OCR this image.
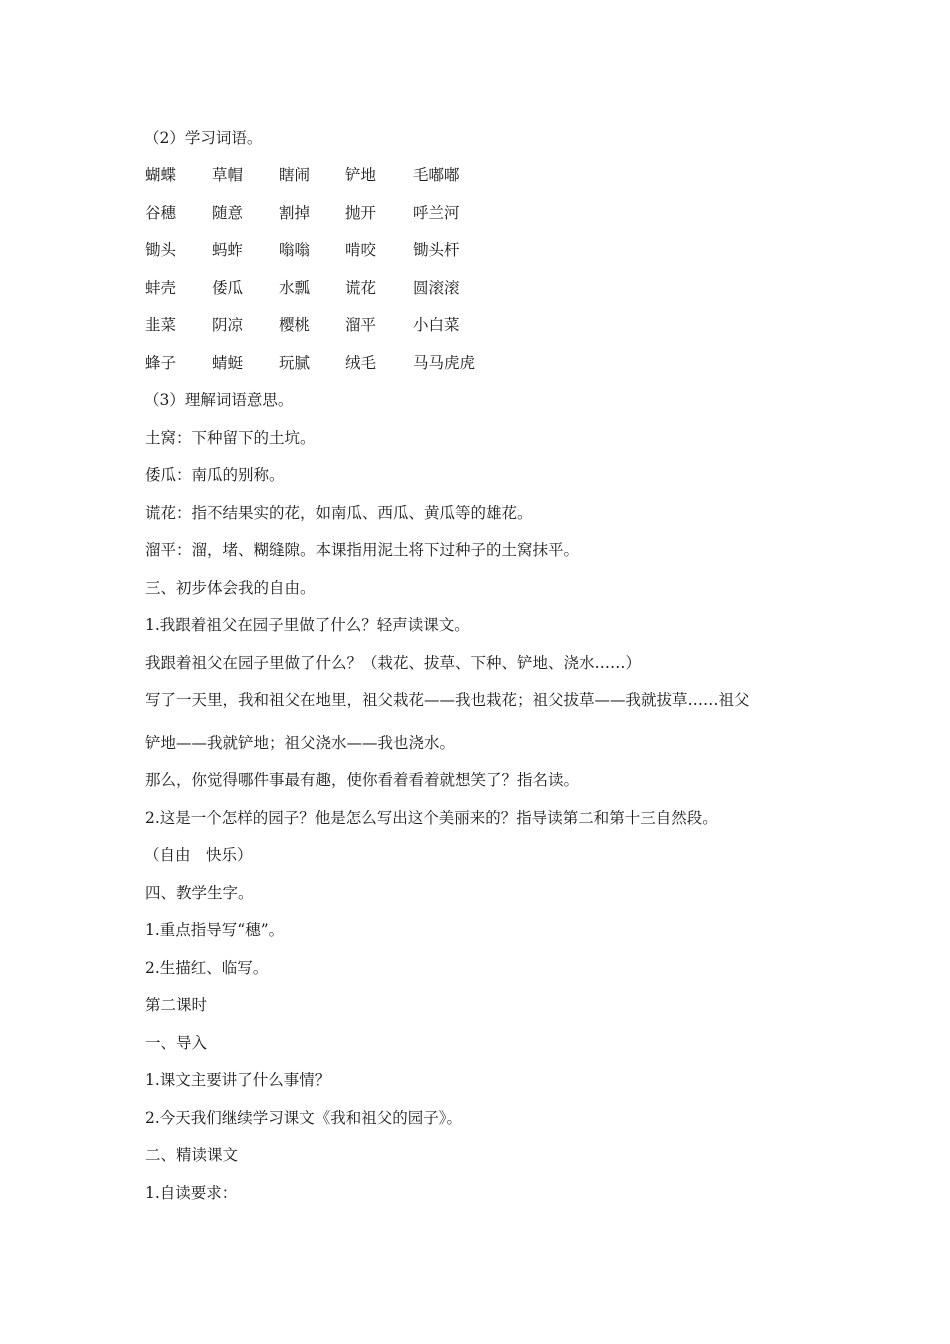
（2）学习词语。
蝴蝶 草帽 瞎闹 铲地 毛嘟嘟
谷穗 随意 割掉 抛开 呼兰河
锄头 蚂蚱 嗡嗡 啃咬 锄头杆
蚌壳 倭瓜 水瓢 谎花 圆滚滚
韭菜 阴凉 樱桃 溜平 小白菜
蜂子 蜻蜓 玩腻 绒毛 马马虎虎
（3）理解词语意思。
土窝：下种留下的土坑。
倭瓜：南瓜的别称。
谎花：指不结果实的花，如南瓜、西瓜、黄瓜等的雄花。
溜平：溜，堵、糊缝隙。本课指用泥土将下过种子的土窝抹平。
三、初步体会我的自由。
1.我跟着祖父在园子里做了什么？轻声读课文。
我跟着祖父在园子里做了什么？（栽花、拔草、下种、铲地、浇水……）
写了一天里，我和祖父在地里，祖父栽花——我也栽花；祖父拔草——我就拔草……祖父
铲地——我就铲地；祖父浇水——我也浇水。
那么，你觉得哪件事最有趣，使你看着看着就想笑了？指名读。
2.这是一个怎样的园子？他是怎么写出这个美丽来的？指导读第二和第十三自然段。
（自由　快乐）
四、教学生字。
1.重点指导写“穗”。
2.生描红、临写。
第二课时
一、导入
1.课文主要讲了什么事情？
2.今天我们继续学习课文《我和祖父的园子》。
二、精读课文
1.自读要求：
